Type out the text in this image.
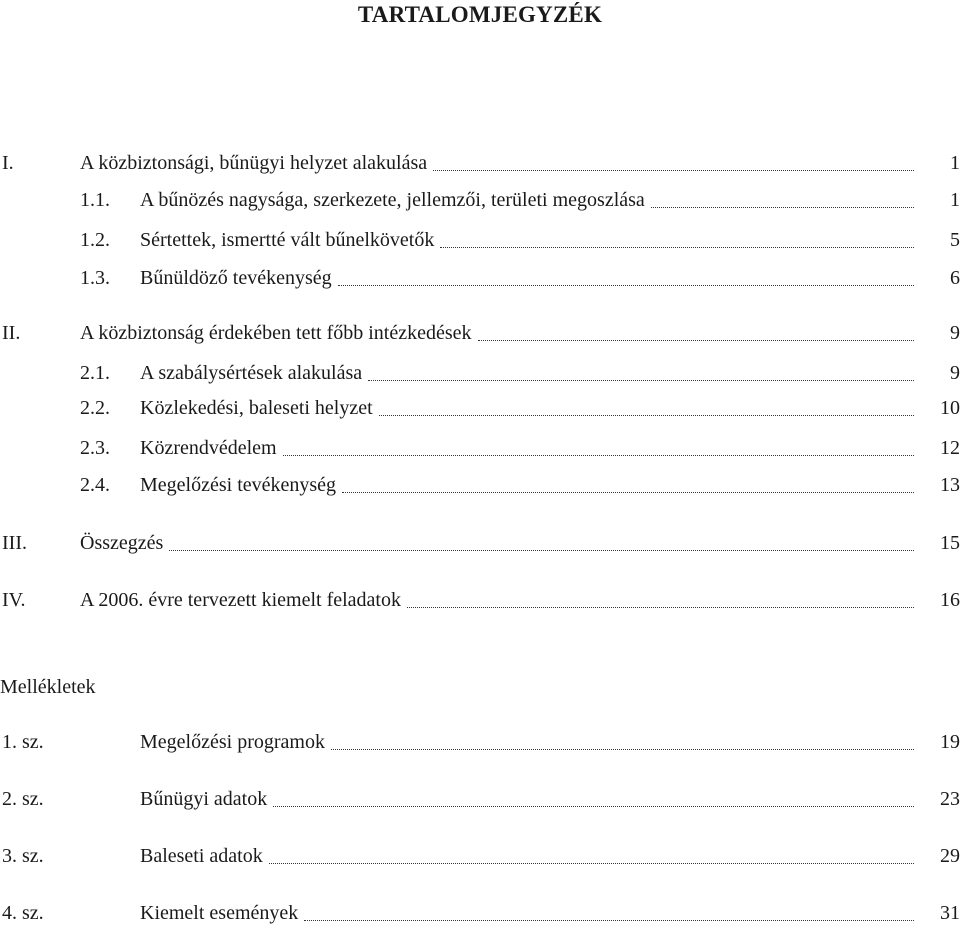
TARTALOMJEGYZÉK
I.	A közbiztonsági, bűnügyi helyzet alakulása	1
1.1. A bűnözés nagysága, szerkezete, jellemzői, területi megoszlása	1
1.2. Sértettek, ismertté vált bűnelkövetők	5
1.3. Bűnüldöző tevékenység	6
II.	A közbiztonság érdekében tett főbb intézkedések	9
2.1. A szabálysértések alakulása	9
2.2. Közlekedési, baleseti helyzet	10
2.3. Közrendvédelem	12
2.4. Megelőzési tevékenység	13
III.	Összegzés	15
IV.	A 2006. évre tervezett kiemelt feladatok	16
Mellékletek
1. sz.	Megelőzési programok	19
2. sz.	Bűnügyi adatok	23
3. sz.	Baleseti adatok	29
4. sz.	Kiemelt események	31
